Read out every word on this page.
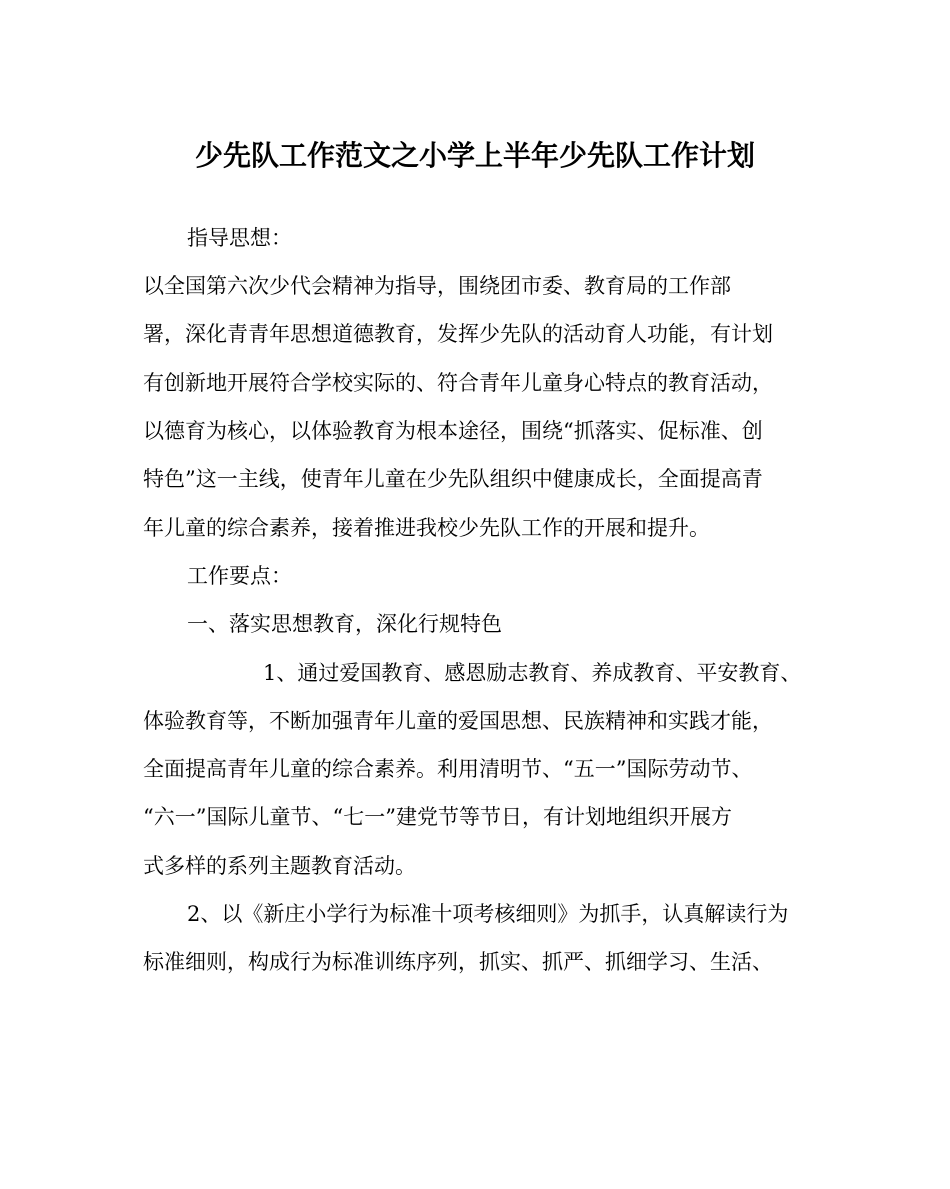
少先队工作范文之小学上半年少先队工作计划

指导思想：

以全国第六次少代会精神为指导，围绕团市委、教育局的工作部

署，深化青青年思想道德教育，发挥少先队的活动育人功能，有计划

有创新地开展符合学校实际的、符合青年儿童身心特点的教育活动，

以德育为核心，以体验教育为根本途径，围绕“抓落实、促标准、创

特色”这一主线，使青年儿童在少先队组织中健康成长，全面提高青

年儿童的综合素养，接着推进我校少先队工作的开展和提升。

工作要点：

一、落实思想教育，深化行规特色

1、通过爱国教育、感恩励志教育、养成教育、平安教育、

体验教育等，不断加强青年儿童的爱国思想、民族精神和实践才能，

全面提高青年儿童的综合素养。利用清明节、“五一”国际劳动节、

“六一”国际儿童节、“七一”建党节等节日，有计划地组织开展方

式多样的系列主题教育活动。

2、以《新庄小学行为标准十项考核细则》为抓手，认真解读行为

标准细则，构成行为标准训练序列，抓实、抓严、抓细学习、生活、
